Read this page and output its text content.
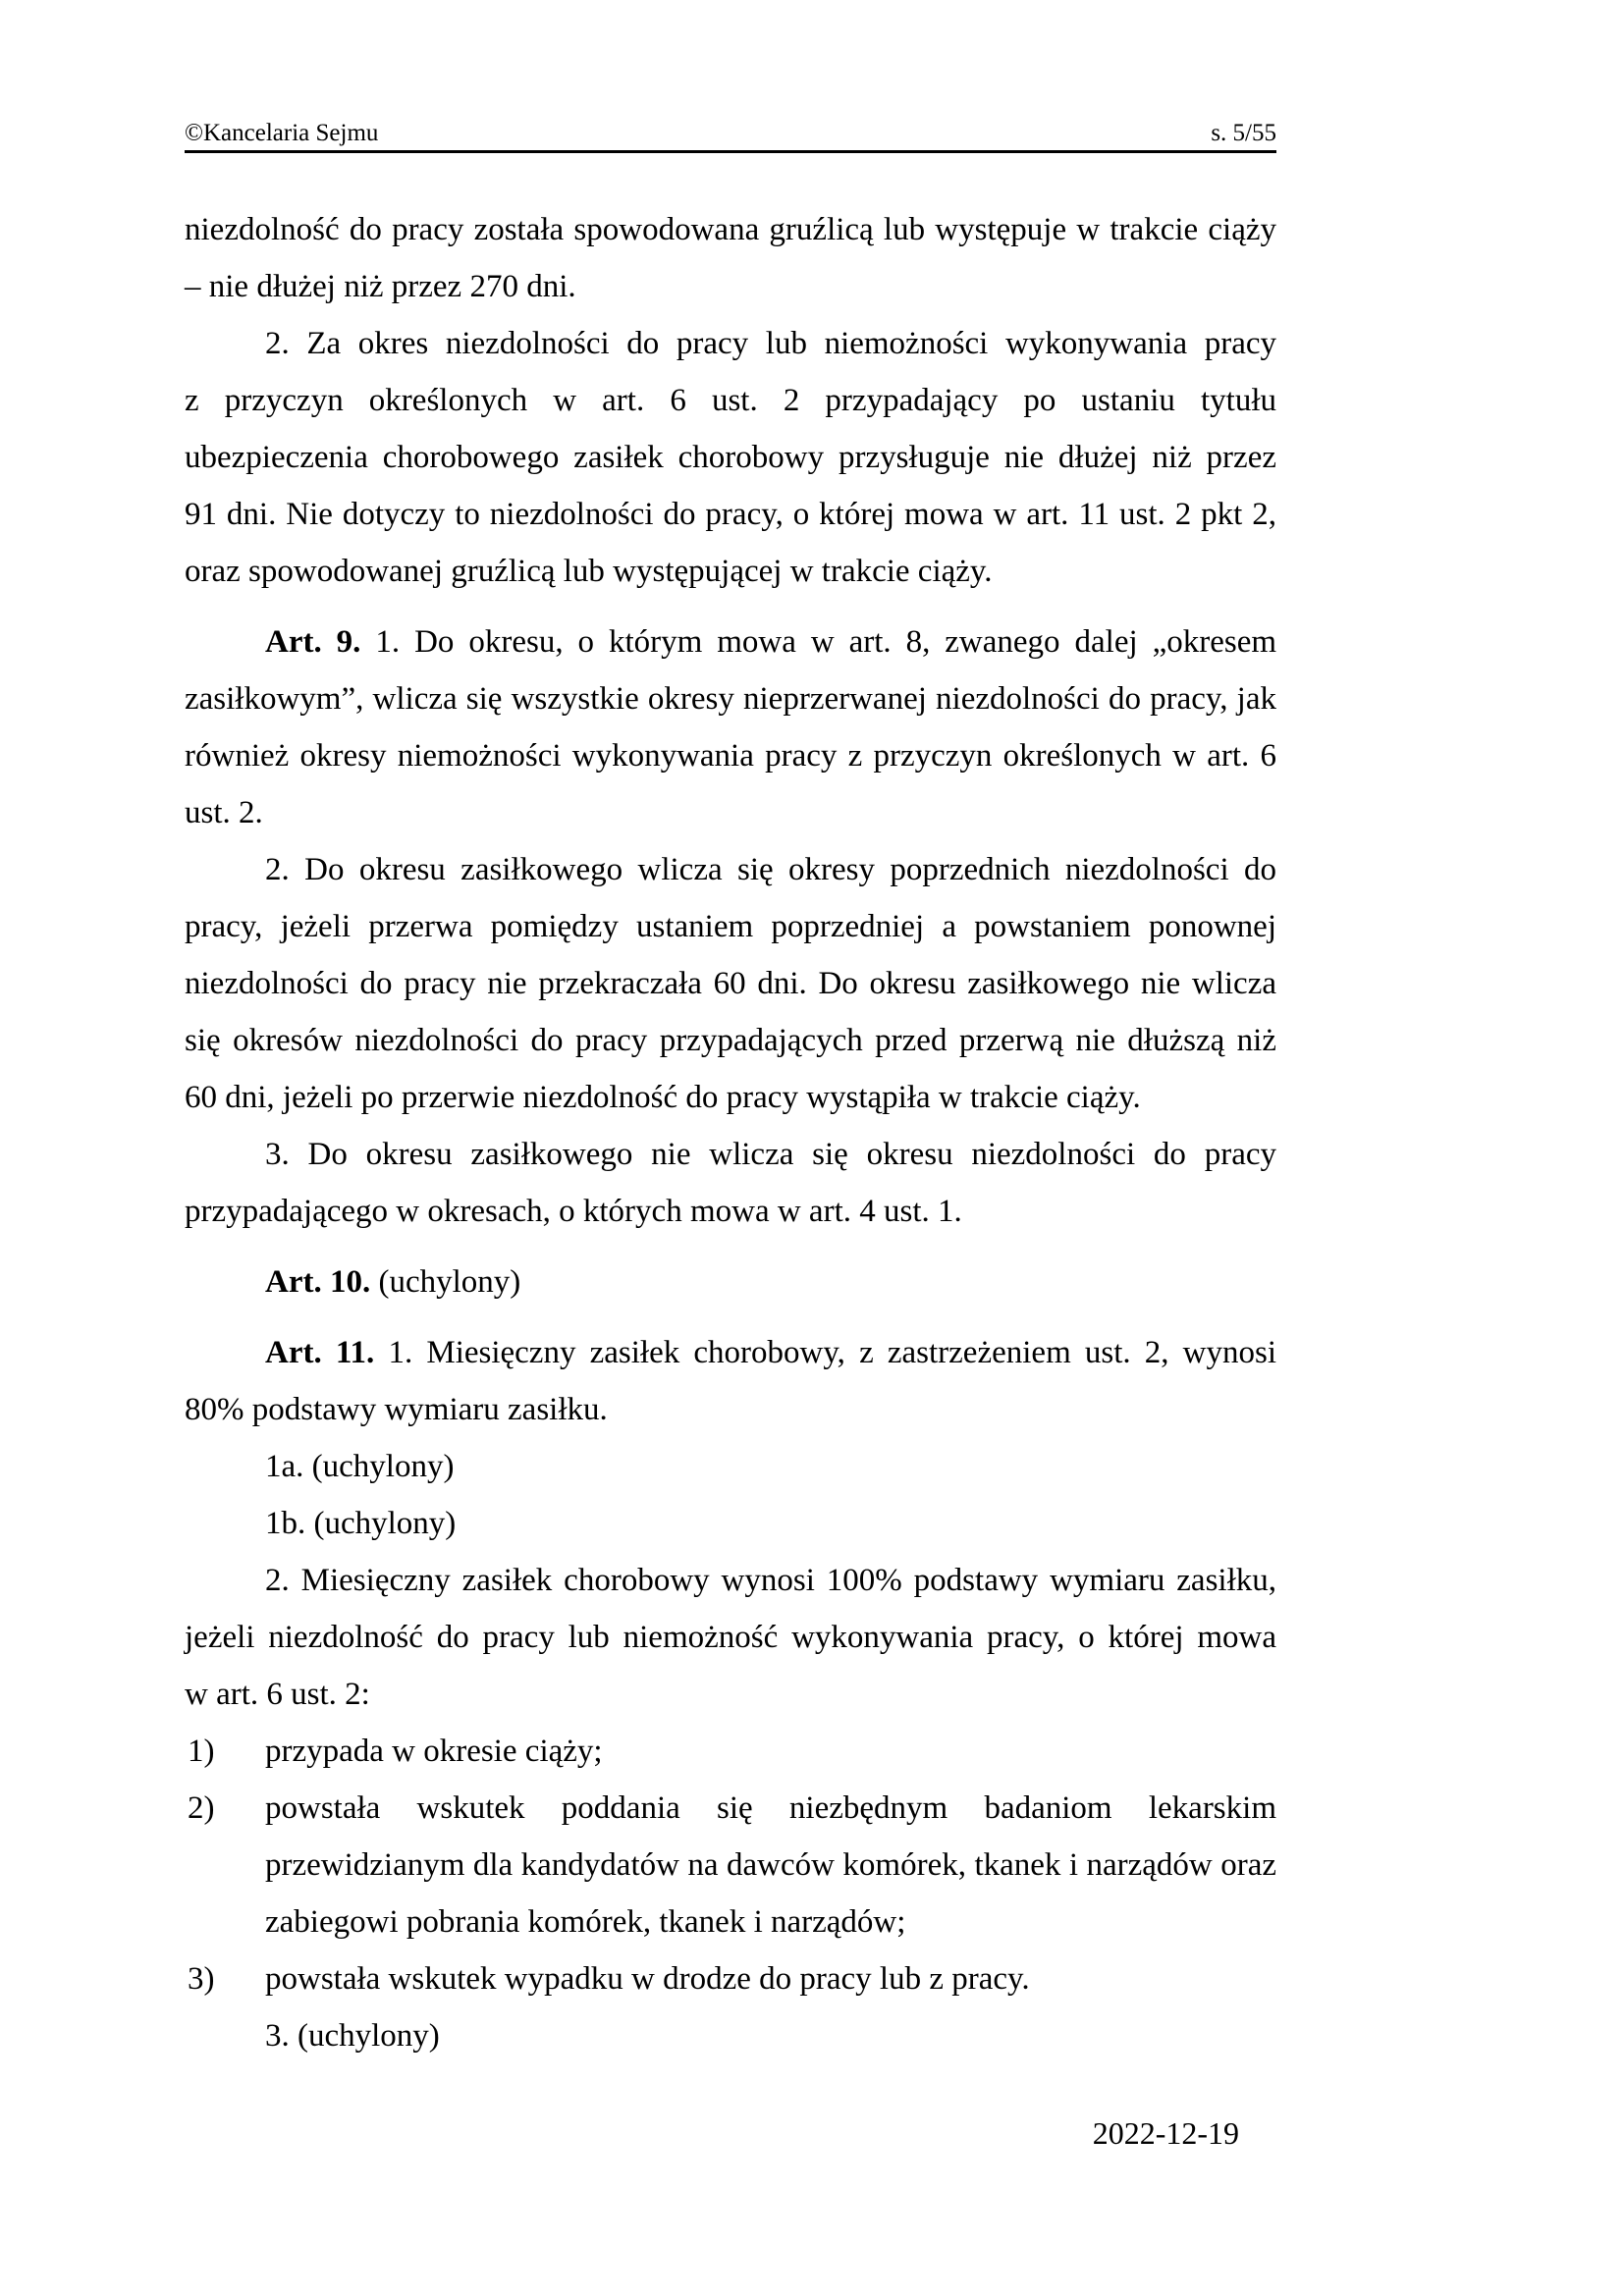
©Kancelaria Sejmu	s. 5/55
niezdolność do pracy została spowodowana gruźlicą lub występuje w trakcie ciąży
– nie dłużej niż przez 270 dni.
2. Za okres niezdolności do pracy lub niemożności wykonywania pracy
z przyczyn określonych w art. 6 ust. 2 przypadający po ustaniu tytułu
ubezpieczenia chorobowego zasiłek chorobowy przysługuje nie dłużej niż przez
91 dni. Nie dotyczy to niezdolności do pracy, o której mowa w art. 11 ust. 2 pkt 2,
oraz spowodowanej gruźlicą lub występującej w trakcie ciąży.
Art. 9. 1. Do okresu, o którym mowa w art. 8, zwanego dalej „okresem
zasiłkowym”, wlicza się wszystkie okresy nieprzerwanej niezdolności do pracy, jak
również okresy niemożności wykonywania pracy z przyczyn określonych w art. 6
ust. 2.
2. Do okresu zasiłkowego wlicza się okresy poprzednich niezdolności do
pracy, jeżeli przerwa pomiędzy ustaniem poprzedniej a powstaniem ponownej
niezdolności do pracy nie przekraczała 60 dni. Do okresu zasiłkowego nie wlicza
się okresów niezdolności do pracy przypadających przed przerwą nie dłuższą niż
60 dni, jeżeli po przerwie niezdolność do pracy wystąpiła w trakcie ciąży.
3. Do okresu zasiłkowego nie wlicza się okresu niezdolności do pracy
przypadającego w okresach, o których mowa w art. 4 ust. 1.
Art. 10. (uchylony)
Art. 11. 1. Miesięczny zasiłek chorobowy, z zastrzeżeniem ust. 2, wynosi
80% podstawy wymiaru zasiłku.
1a. (uchylony)
1b. (uchylony)
2. Miesięczny zasiłek chorobowy wynosi 100% podstawy wymiaru zasiłku,
jeżeli niezdolność do pracy lub niemożność wykonywania pracy, o której mowa
w art. 6 ust. 2:
1) przypada w okresie ciąży;
2) powstała wskutek poddania się niezbędnym badaniom lekarskim
przewidzianym dla kandydatów na dawców komórek, tkanek i narządów oraz
zabiegowi pobrania komórek, tkanek i narządów;
3) powstała wskutek wypadku w drodze do pracy lub z pracy.
3. (uchylony)
2022-12-19
